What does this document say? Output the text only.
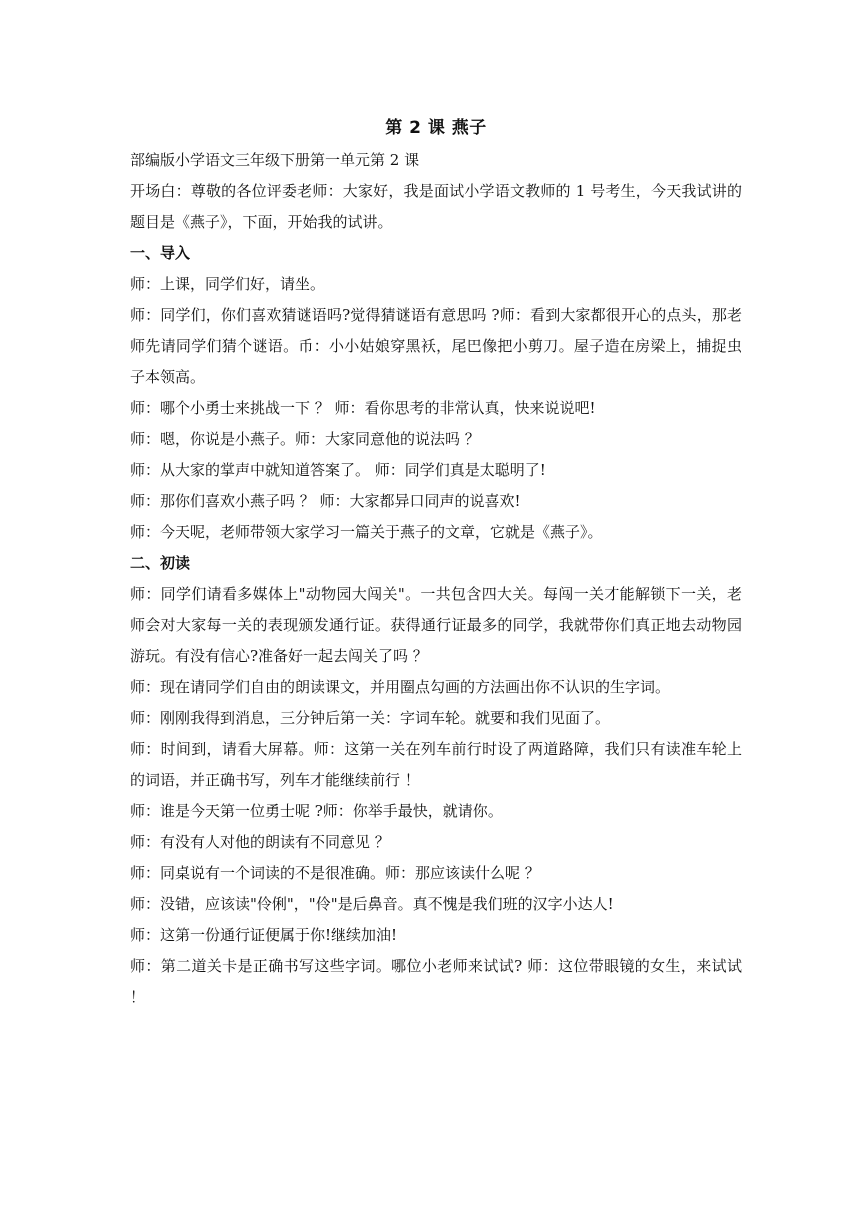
第 2 课 燕子

部编版小学语文三年级下册第一单元第 2 课

开场白：尊敬的各位评委老师：大家好，我是面试小学语文教师的 1 号考生，今天我试讲的题目是《燕子》，下面，开始我的试讲。

一、导入

师：上课，同学们好，请坐。

师：同学们，你们喜欢猜谜语吗?觉得猜谜语有意思吗 ?师：看到大家都很开心的点头，那老师先请同学们猜个谜语。币：小小姑娘穿黑袄，尾巴像把小剪刀。屋子造在房梁上，捕捉虫子本领高。

师：哪个小勇士来挑战一下 ？ 师：看你思考的非常认真，快来说说吧!

师：嗯，你说是小燕子。师：大家同意他的说法吗 ？

师：从大家的掌声中就知道答案了。 师：同学们真是太聪明了!

师：那你们喜欢小燕子吗 ？ 师：大家都异口同声的说喜欢!

师：今天呢，老师带领大家学习一篇关于燕子的文章，它就是《燕子》。

二、初读

师：同学们请看多媒体上"动物园大闯关"。一共包含四大关。每闯一关才能解锁下一关，老师会对大家每一关的表现颁发通行证。获得通行证最多的同学，我就带你们真正地去动物园游玩。有没有信心?准备好一起去闯关了吗 ？

师：现在请同学们自由的朗读课文，并用圈点勾画的方法画出你不认识的生字词。

师：刚刚我得到消息，三分钟后第一关：字词车轮。就要和我们见面了。

师：时间到，请看大屏幕。师：这第一关在列车前行时设了两道路障，我们只有读准车轮上的词语，并正确书写，列车才能继续前行 ！

师：谁是今天第一位勇士呢 ?师：你举手最快，就请你。

师：有没有人对他的朗读有不同意见 ？

师：同桌说有一个词读的不是很准确。师：那应该读什么呢 ？

师：没错，应该读"伶俐"，"伶"是后鼻音。真不愧是我们班的汉字小达人!

师：这第一份通行证便属于你!继续加油!

师：第二道关卡是正确书写这些字词。哪位小老师来试试? 师：这位带眼镜的女生，来试试 ！
